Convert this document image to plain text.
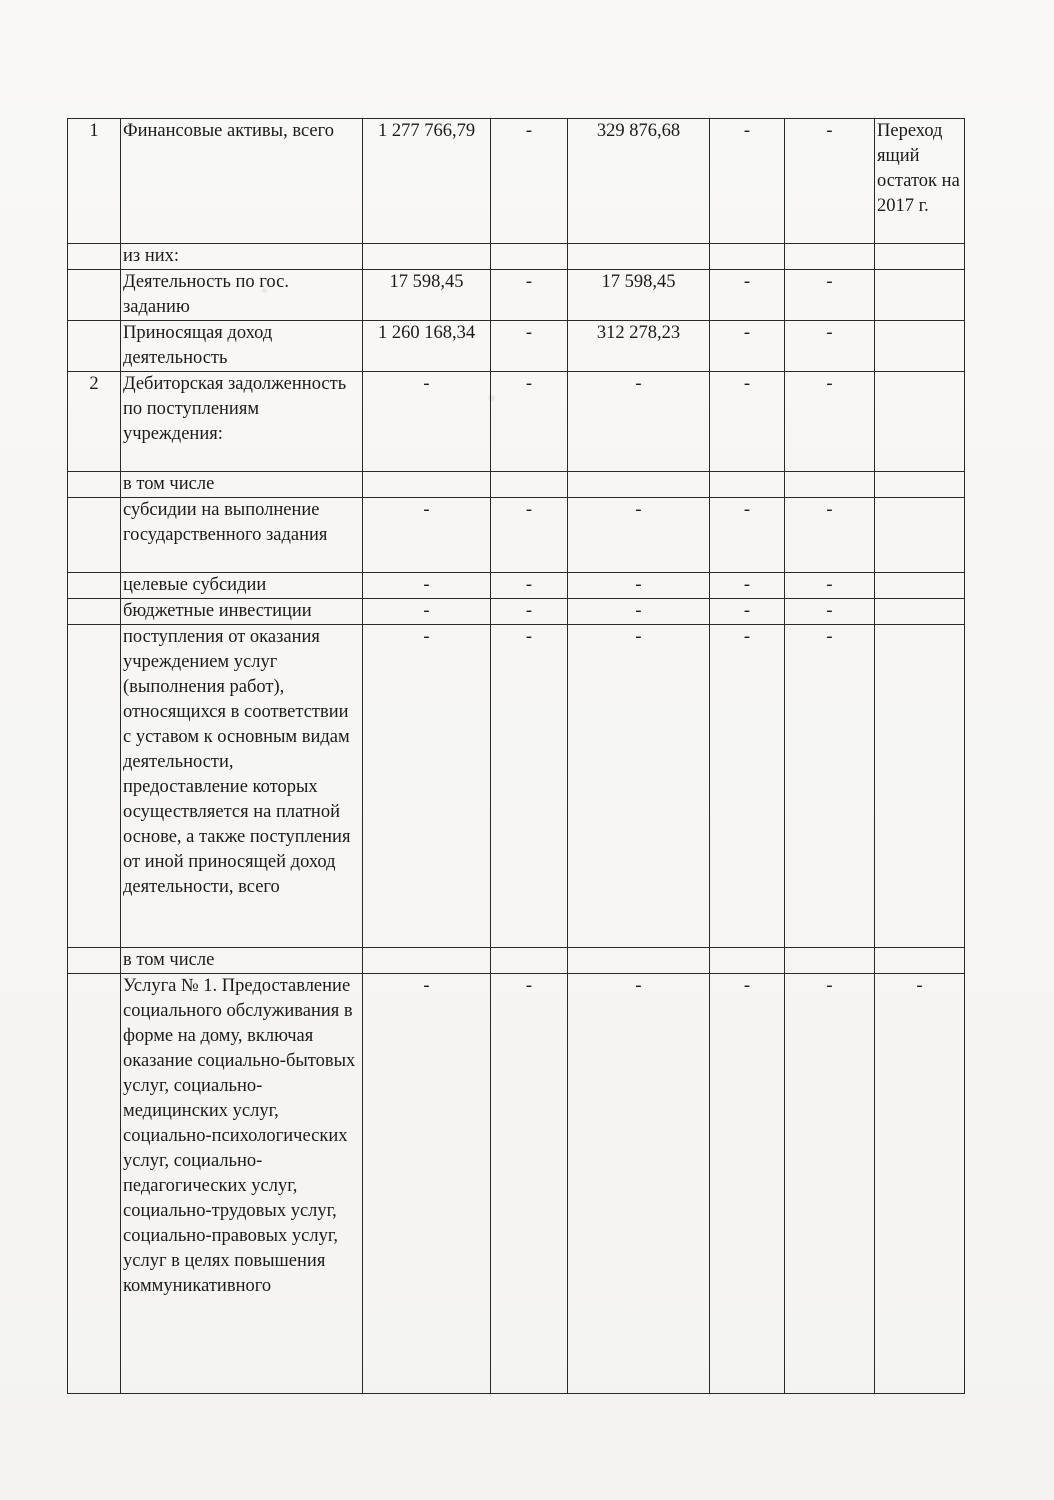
1	Финансовые активы, всего	1 277 766,79	-	329 876,68	-	-	Переход ящий остаток на 2017 г.
	из них:						
	Деятельность по гос. заданию	17 598,45	-	17 598,45	-	-	
	Приносящая доход деятельность	1 260 168,34	-	312 278,23	-	-	
2	Дебиторская задолженность по поступлениям учреждения:	-	-	-	-	-	
	в том числе						
	субсидии на выполнение государственного задания	-	-	-	-	-	
	целевые субсидии	-	-	-	-	-	
	бюджетные инвестиции	-	-	-	-	-	
	поступления от оказания учреждением услуг (выполнения работ), относящихся в соответствии с уставом к основным видам деятельности, предоставление которых осуществляется на платной основе, а также поступления от иной приносящей доход деятельности, всего	-	-	-	-	-	
	в том числе						
	Услуга № 1. Предоставление социального обслуживания в форме на дому, включая оказание социально-бытовых услуг, социально-медицинских услуг, социально-психологических услуг, социально-педагогических услуг, социально-трудовых услуг, социально-правовых услуг, услуг в целях повышения коммуникативного	-	-	-	-	-	-
